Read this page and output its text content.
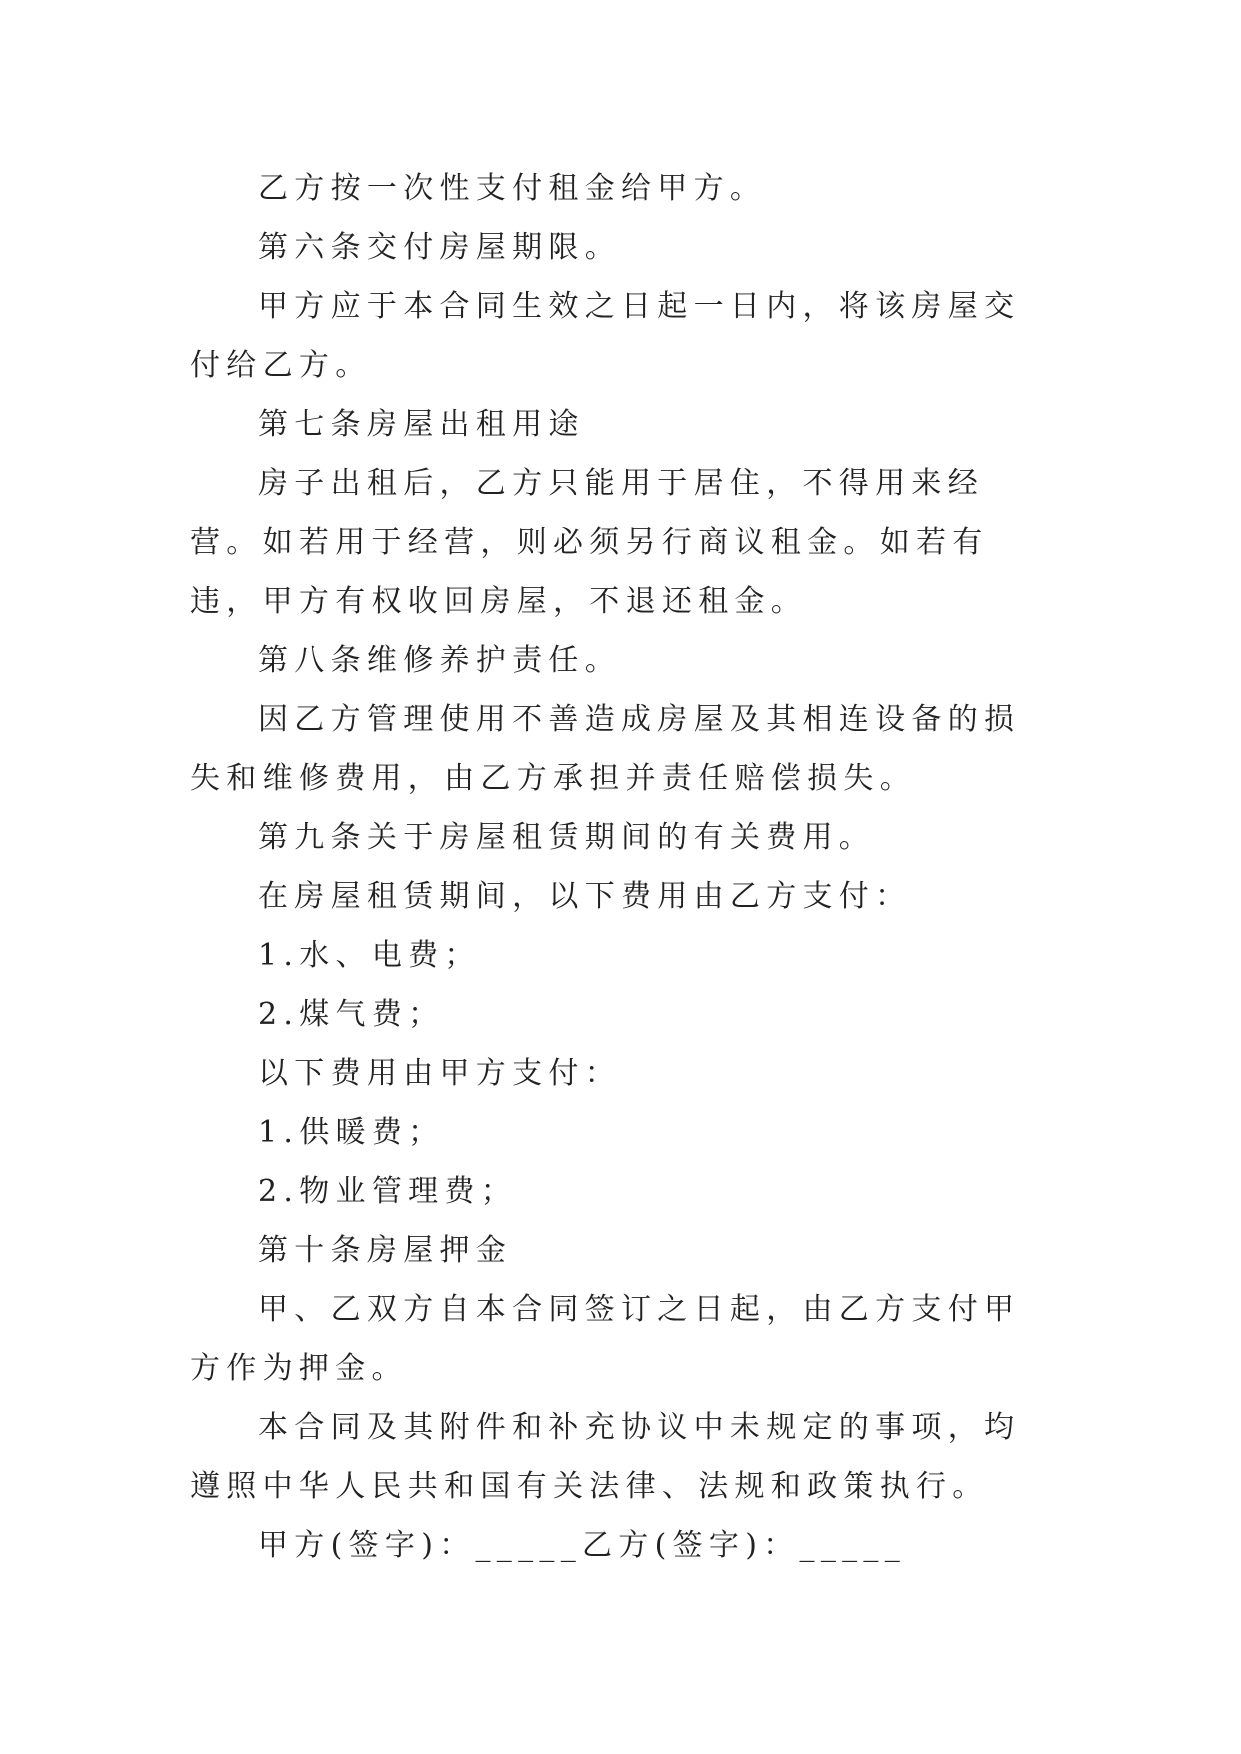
乙方按一次性支付租金给甲方。

第六条交付房屋期限。

甲方应于本合同生效之日起一日内，将该房屋交付给乙方。

第七条房屋出租用途

房子出租后，乙方只能用于居住，不得用来经营。如若用于经营，则必须另行商议租金。如若有违，甲方有权收回房屋，不退还租金。

第八条维修养护责任。

因乙方管理使用不善造成房屋及其相连设备的损失和维修费用，由乙方承担并责任赔偿损失。

第九条关于房屋租赁期间的有关费用。

在房屋租赁期间，以下费用由乙方支付：

1.水、电费；

2.煤气费；

以下费用由甲方支付：

1.供暖费；

2.物业管理费；

第十条房屋押金

甲、乙双方自本合同签订之日起，由乙方支付甲方作为押金。

本合同及其附件和补充协议中未规定的事项，均遵照中华人民共和国有关法律、法规和政策执行。

甲方(签字)：_____乙方(签字)：_____
